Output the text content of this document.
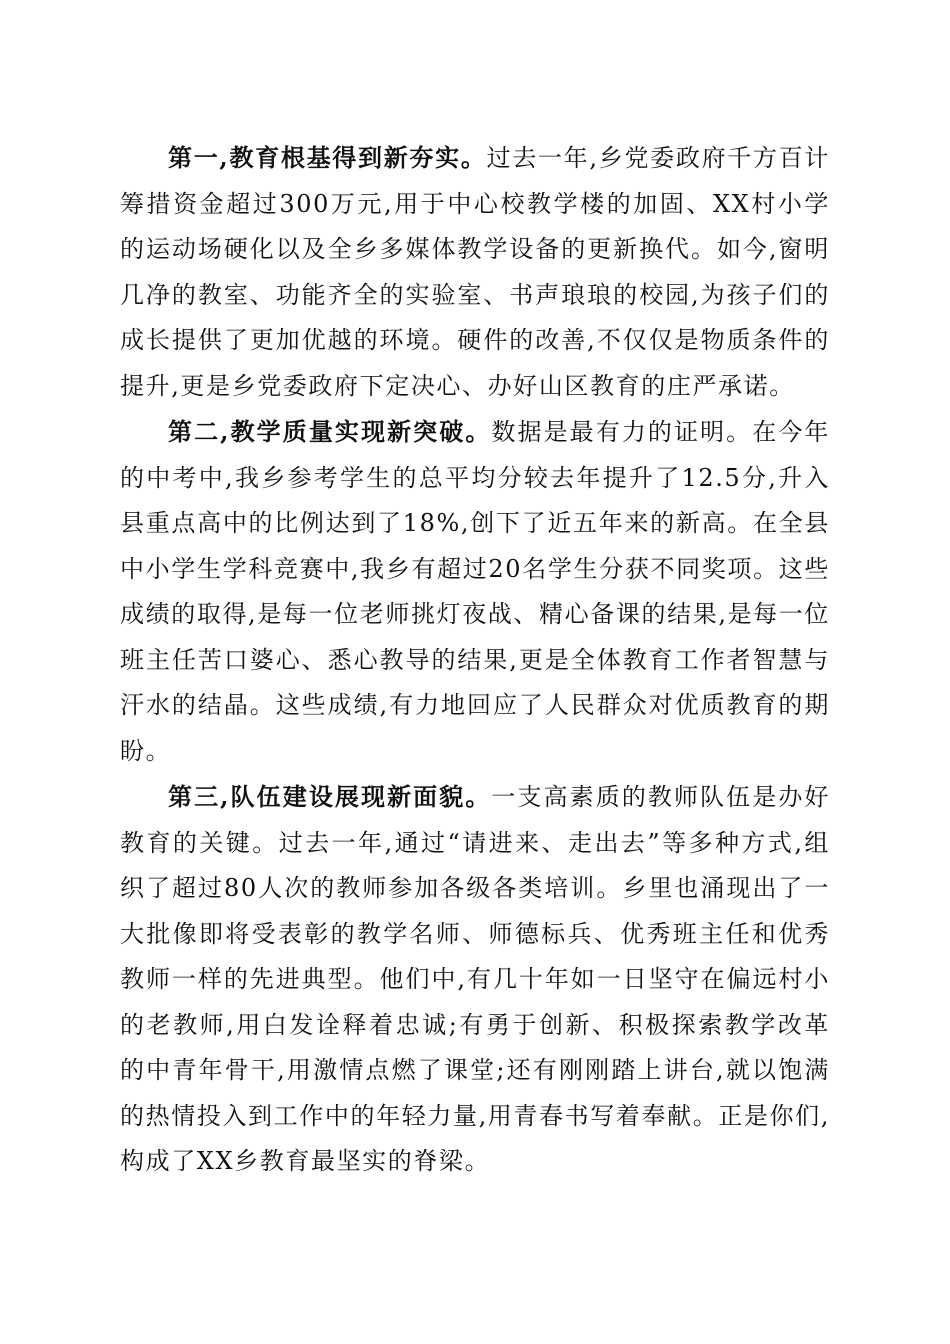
第一,教育根基得到新夯实。过去一年,乡党委政府千方百计筹措资金超过300万元,用于中心校教学楼的加固、XX村小学的运动场硬化以及全乡多媒体教学设备的更新换代。如今,窗明几净的教室、功能齐全的实验室、书声琅琅的校园,为孩子们的成长提供了更加优越的环境。硬件的改善,不仅仅是物质条件的提升,更是乡党委政府下定决心、办好山区教育的庄严承诺。

第二,教学质量实现新突破。数据是最有力的证明。在今年的中考中,我乡参考学生的总平均分较去年提升了12.5分,升入县重点高中的比例达到了18%,创下了近五年来的新高。在全县中小学生学科竞赛中,我乡有超过20名学生分获不同奖项。这些成绩的取得,是每一位老师挑灯夜战、精心备课的结果,是每一位班主任苦口婆心、悉心教导的结果,更是全体教育工作者智慧与汗水的结晶。这些成绩,有力地回应了人民群众对优质教育的期盼。

第三,队伍建设展现新面貌。一支高素质的教师队伍是办好教育的关键。过去一年,通过“请进来、走出去”等多种方式,组织了超过80人次的教师参加各级各类培训。乡里也涌现出了一大批像即将受表彰的教学名师、师德标兵、优秀班主任和优秀教师一样的先进典型。他们中,有几十年如一日坚守在偏远村小的老教师,用白发诠释着忠诚;有勇于创新、积极探索教学改革的中青年骨干,用激情点燃了课堂;还有刚刚踏上讲台,就以饱满的热情投入到工作中的年轻力量,用青春书写着奉献。正是你们,构成了XX乡教育最坚实的脊梁。
